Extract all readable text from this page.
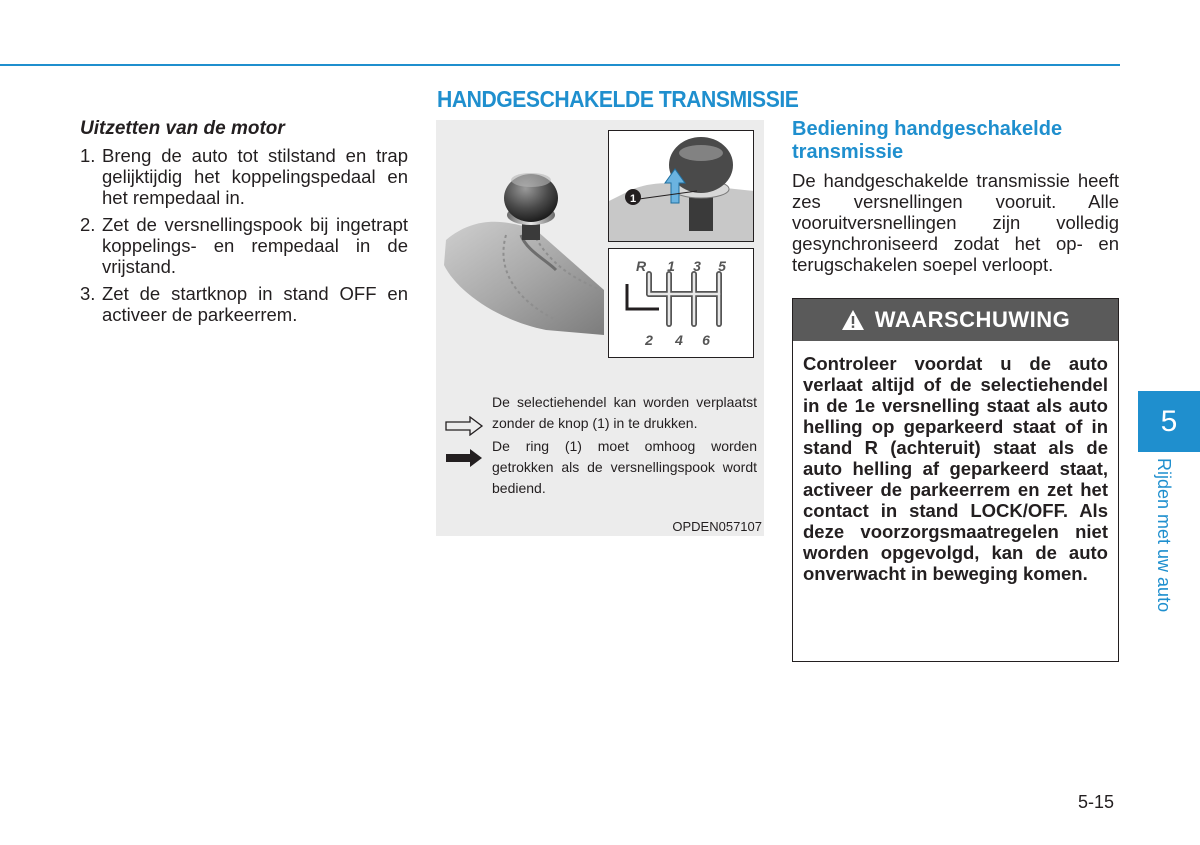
HANDGESCHAKELDE TRANSMISSIE
Uitzetten van de motor
1. Breng de auto tot stilstand en trap gelijktijdig het koppelingspedaal en het rempedaal in.
2. Zet de versnellingspook bij ingetrapt koppelings- en rempedaal in de vrijstand.
3. Zet de startknop in stand OFF en activeer de parkeerrem.
1
R 1 3 5
2 4 6
De selectiehendel kan worden verplaatst zonder de knop (1) in te drukken.
De ring (1) moet omhoog worden getrokken als de versnellingspook wordt bediend.
OPDEN057107
Bediening handgeschakelde transmissie

De handgeschakelde transmissie heeft zes versnellingen vooruit. Alle vooruitversnellingen zijn volledig gesynchroniseerd zodat het op- en terugschakelen soepel verloopt.

WAARSCHUWING
Controleer voordat u de auto verlaat altijd of de selectiehendel in de 1e versnelling staat als auto helling op geparkeerd staat of in stand R (achteruit) staat als de auto helling af geparkeerd staat, activeer de parkeerrem en zet het contact in stand LOCK/OFF. Als deze voorzorgsmaatregelen niet worden opgevolgd, kan de auto onverwacht in beweging komen.
5
Rijden met uw auto
5-15
